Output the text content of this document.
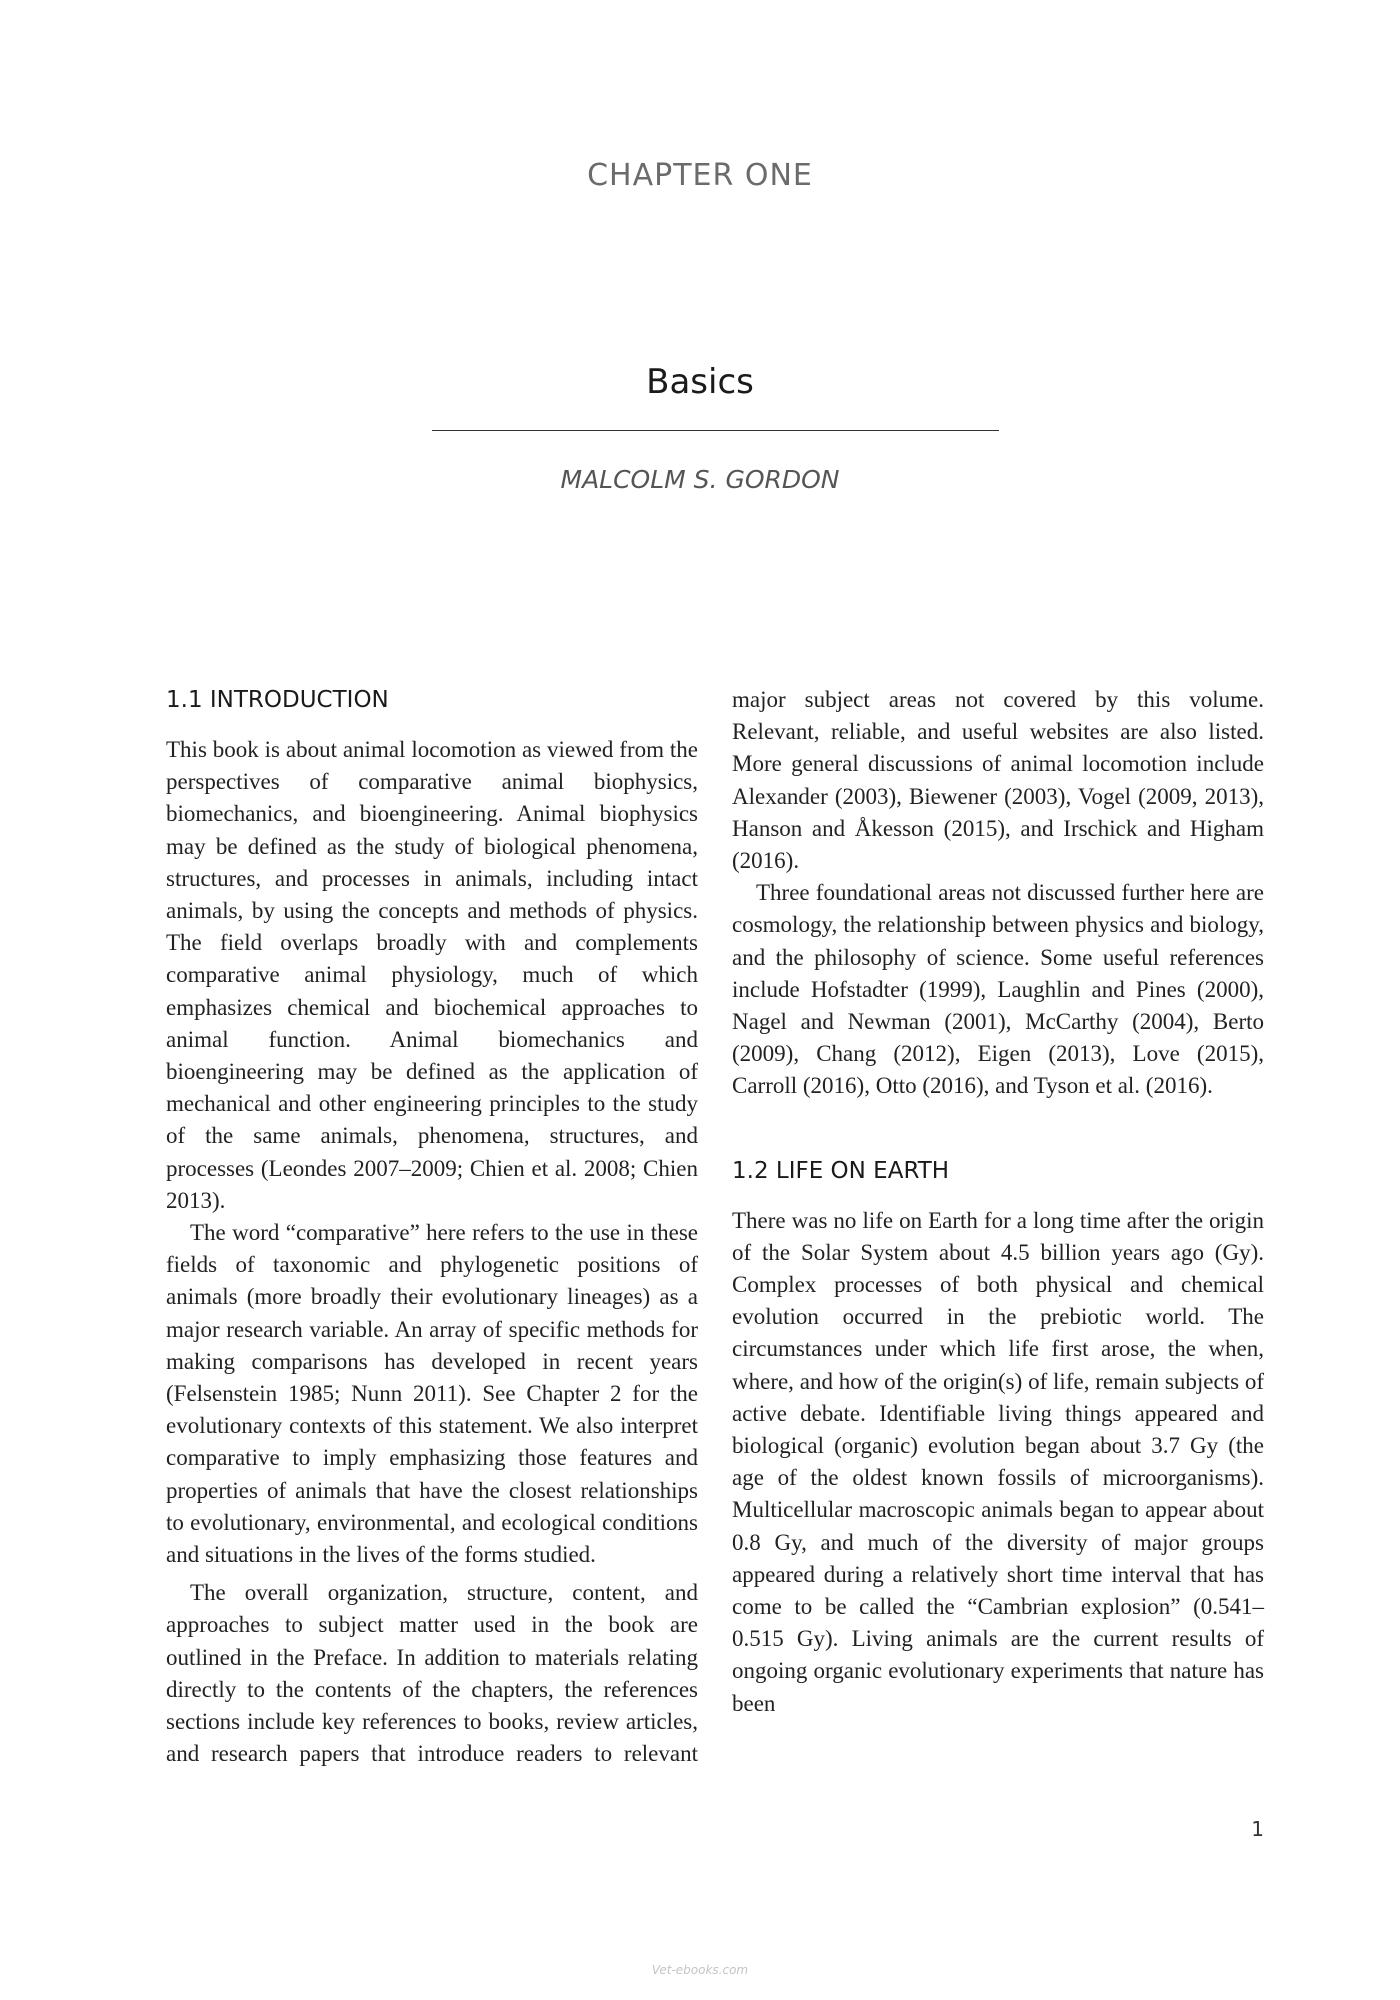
CHAPTER ONE
Basics
MALCOLM S. GORDON
1.1 INTRODUCTION

This book is about animal locomotion as viewed from the perspectives of comparative animal biophysics, biomechanics, and bioengineering. Animal biophysics may be defined as the study of biological phenomena, structures, and processes in animals, including intact animals, by using the concepts and methods of physics. The field overlaps broadly with and complements comparative animal physiology, much of which emphasizes chemical and biochemical approaches to animal function. Animal biomechanics and bioengineering may be defined as the application of mechanical and other engineering principles to the study of the same animals, phenomena, structures, and processes (Leondes 2007–2009; Chien et al. 2008; Chien 2013).

The word “comparative” here refers to the use in these fields of taxonomic and phylogenetic positions of animals (more broadly their evolutionary lineages) as a major research variable. An array of specific methods for making comparisons has developed in recent years (Felsenstein 1985; Nunn 2011). See Chapter 2 for the evolutionary contexts of this statement. We also interpret comparative to imply emphasizing those features and properties of animals that have the closest relationships to evolutionary, environmental, and ecological conditions and situations in the lives of the forms studied.

The overall organization, structure, content, and approaches to subject matter used in the book are outlined in the Preface. In addition to materials relating directly to the contents of the chapters, the references sections include key references to books, review articles, and research papers that introduce readers to relevant

major subject areas not covered by this volume. Relevant, reliable, and useful websites are also listed. More general discussions of animal locomotion include Alexander (2003), Biewener (2003), Vogel (2009, 2013), Hanson and Åkesson (2015), and Irschick and Higham (2016).

Three foundational areas not discussed further here are cosmology, the relationship between physics and biology, and the philosophy of science. Some useful references include Hofstadter (1999), Laughlin and Pines (2000), Nagel and Newman (2001), McCarthy (2004), Berto (2009), Chang (2012), Eigen (2013), Love (2015), Carroll (2016), Otto (2016), and Tyson et al. (2016).

1.2 LIFE ON EARTH

There was no life on Earth for a long time after the origin of the Solar System about 4.5 billion years ago (Gy). Complex processes of both physical and chemical evolution occurred in the prebiotic world. The circumstances under which life first arose, the when, where, and how of the origin(s) of life, remain subjects of active debate. Identifiable living things appeared and biological (organic) evolution began about 3.7 Gy (the age of the oldest known fossils of microorganisms). Multicellular macroscopic animals began to appear about 0.8 Gy, and much of the diversity of major groups appeared during a relatively short time interval that has come to be called the “Cambrian explosion” (0.541–0.515 Gy). Living animals are the current results of ongoing organic evolutionary experiments that nature has been

1
Vet-ebooks.com
